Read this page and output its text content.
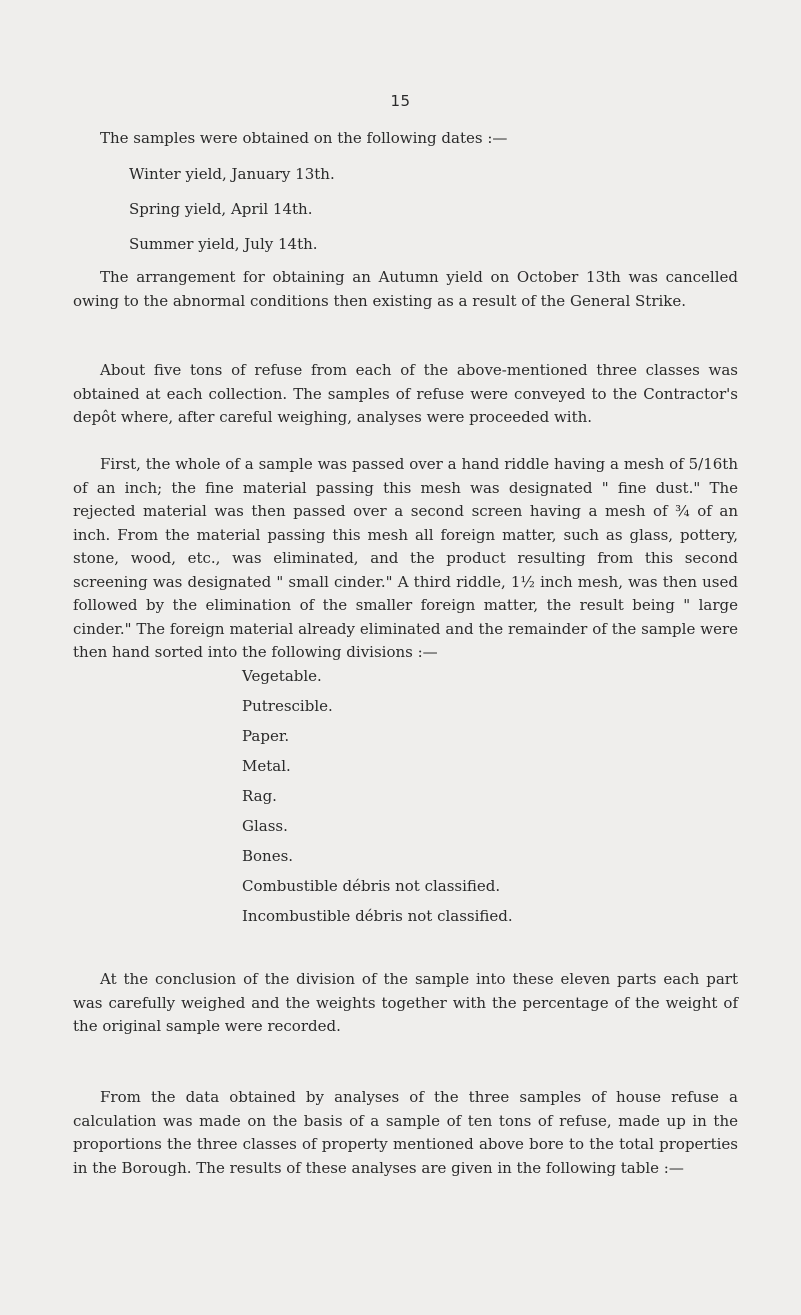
15

The samples were obtained on the following dates :—

Winter yield, January 13th.
Spring yield, April 14th.
Summer yield, July 14th.

The arrangement for obtaining an Autumn yield on October 13th was cancelled owing to the abnormal conditions then existing as a result of the General Strike.

About five tons of refuse from each of the above-mentioned three classes was obtained at each collection. The samples of refuse were conveyed to the Contractor's depôt where, after careful weighing, analyses were proceeded with.

First, the whole of a sample was passed over a hand riddle having a mesh of 5/16th of an inch; the fine material passing this mesh was designated " fine dust." The rejected material was then passed over a second screen having a mesh of ¾ of an inch. From the material passing this mesh all foreign matter, such as glass, pottery, stone, wood, etc., was eliminated, and the product resulting from this second screening was designated " small cinder." A third riddle, 1½ inch mesh, was then used followed by the elimination of the smaller foreign matter, the result being " large cinder." The foreign material already eliminated and the remainder of the sample were then hand sorted into the following divisions :—

Vegetable.
Putrescible.
Paper.
Metal.
Rag.
Glass.
Bones.
Combustible débris not classified.
Incombustible débris not classified.

At the conclusion of the division of the sample into these eleven parts each part was carefully weighed and the weights together with the percentage of the weight of the original sample were recorded.

From the data obtained by analyses of the three samples of house refuse a calculation was made on the basis of a sample of ten tons of refuse, made up in the proportions the three classes of property mentioned above bore to the total properties in the Borough. The results of these analyses are given in the following table :—
